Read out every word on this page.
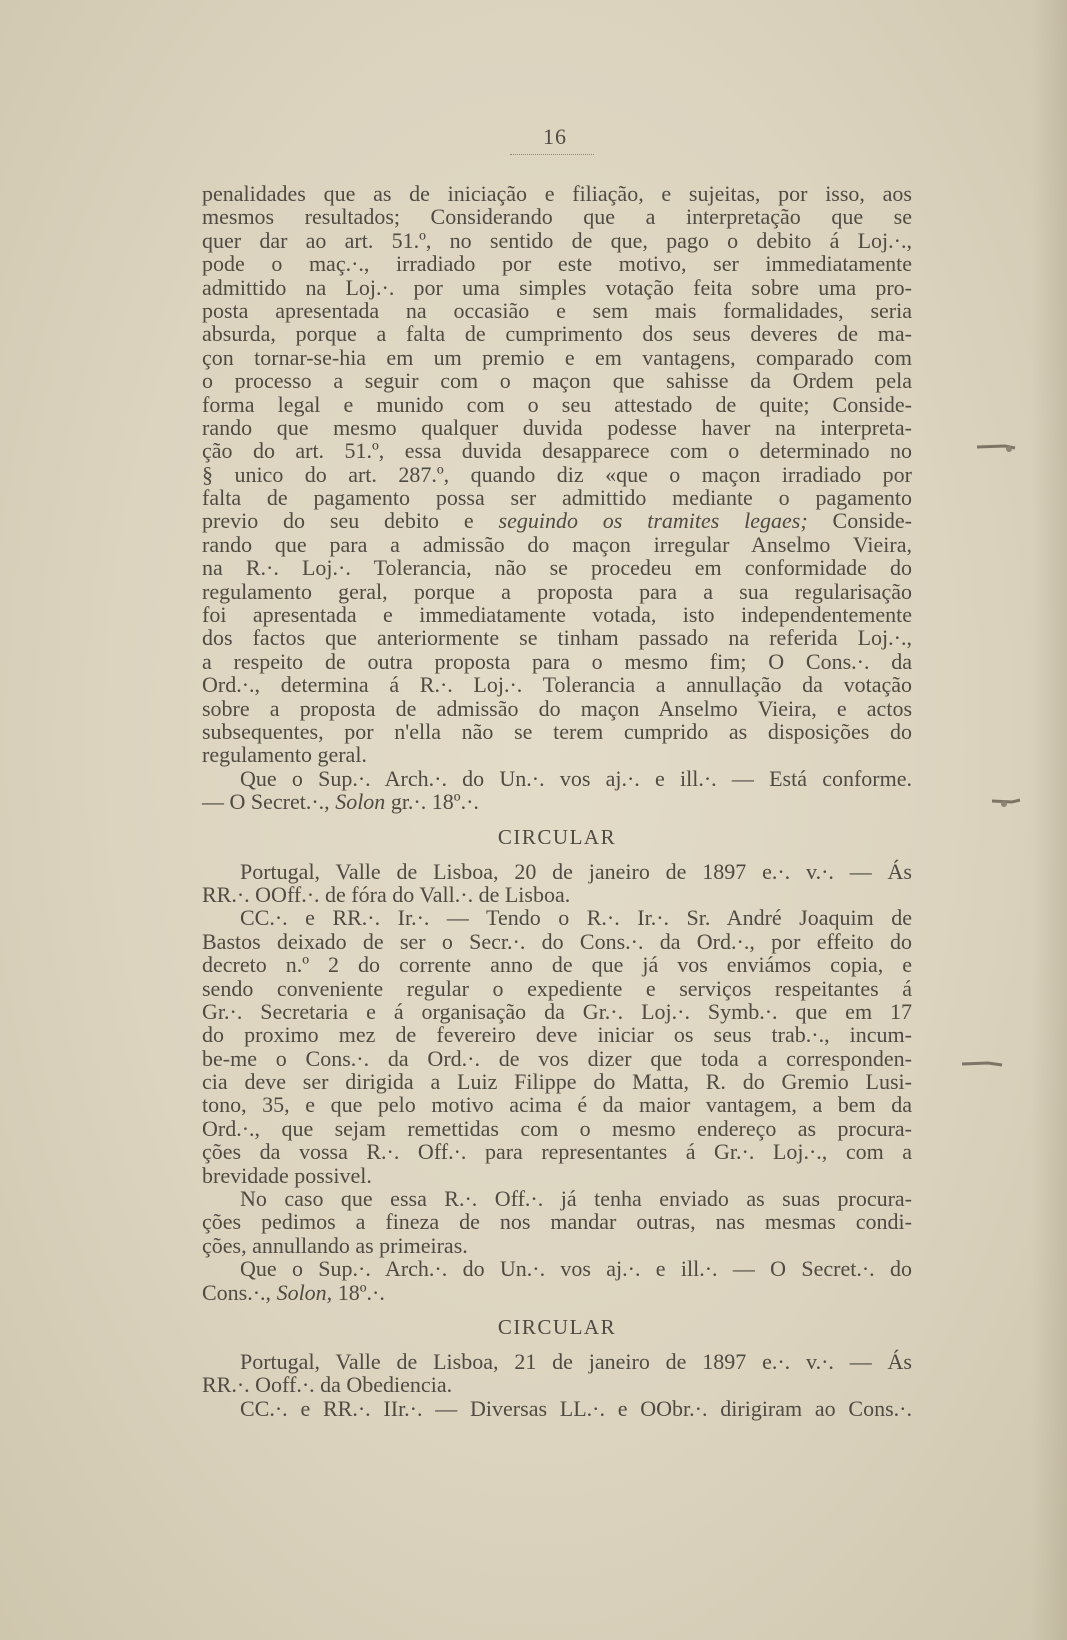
16
penalidades que as de iniciação e filiação, e sujeitas, por isso, aos
mesmos resultados; Considerando que a interpretação que se
quer dar ao art. 51.º, no sentido de que, pago o debito á Loj.·.,
pode o maç.·., irradiado por este motivo, ser immediatamente
admittido na Loj.·. por uma simples votação feita sobre uma pro-
posta apresentada na occasião e sem mais formalidades, seria
absurda, porque a falta de cumprimento dos seus deveres de ma-
çon tornar-se-hia em um premio e em vantagens, comparado com
o processo a seguir com o maçon que sahisse da Ordem pela
forma legal e munido com o seu attestado de quite; Conside-
rando que mesmo qualquer duvida podesse haver na interpreta-
ção do art. 51.º, essa duvida desapparece com o determinado no
§ unico do art. 287.º, quando diz «que o maçon irradiado por
falta de pagamento possa ser admittido mediante o pagamento
previo do seu debito e seguindo os tramites legaes; Conside-
rando que para a admissão do maçon irregular Anselmo Vieira,
na R.·. Loj.·. Tolerancia, não se procedeu em conformidade do
regulamento geral, porque a proposta para a sua regularisação
foi apresentada e immediatamente votada, isto independentemente
dos factos que anteriormente se tinham passado na referida Loj.·.,
a respeito de outra proposta para o mesmo fim; O Cons.·. da
Ord.·., determina á R.·. Loj.·. Tolerancia a annullação da votação
sobre a proposta de admissão do maçon Anselmo Vieira, e actos
subsequentes, por n'ella não se terem cumprido as disposições do
regulamento geral.
Que o Sup.·. Arch.·. do Un.·. vos aj.·. e ill.·. — Está conforme.
— O Secret.·., Solon gr.·. 18º.·.
CIRCULAR
Portugal, Valle de Lisboa, 20 de janeiro de 1897 e.·. v.·. — Ás
RR.·. OOff.·. de fóra do Vall.·. de Lisboa.
CC.·. e RR.·. Ir.·. — Tendo o R.·. Ir.·. Sr. André Joaquim de
Bastos deixado de ser o Secr.·. do Cons.·. da Ord.·., por effeito do
decreto n.º 2 do corrente anno de que já vos enviámos copia, e
sendo conveniente regular o expediente e serviços respeitantes á
Gr.·. Secretaria e á organisação da Gr.·. Loj.·. Symb.·. que em 17
do proximo mez de fevereiro deve iniciar os seus trab.·., incum-
be-me o Cons.·. da Ord.·. de vos dizer que toda a corresponden-
cia deve ser dirigida a Luiz Filippe do Matta, R. do Gremio Lusi-
tono, 35, e que pelo motivo acima é da maior vantagem, a bem da
Ord.·., que sejam remettidas com o mesmo endereço as procura-
ções da vossa R.·. Off.·. para representantes á Gr.·. Loj.·., com a
brevidade possivel.
No caso que essa R.·. Off.·. já tenha enviado as suas procura-
ções pedimos a fineza de nos mandar outras, nas mesmas condi-
ções, annullando as primeiras.
Que o Sup.·. Arch.·. do Un.·. vos aj.·. e ill.·. — O Secret.·. do
Cons.·., Solon, 18º.·.
CIRCULAR
Portugal, Valle de Lisboa, 21 de janeiro de 1897 e.·. v.·. — Ás
RR.·. Ooff.·. da Obediencia.
CC.·. e RR.·. IIr.·. — Diversas LL.·. e OObr.·. dirigiram ao Cons.·.
